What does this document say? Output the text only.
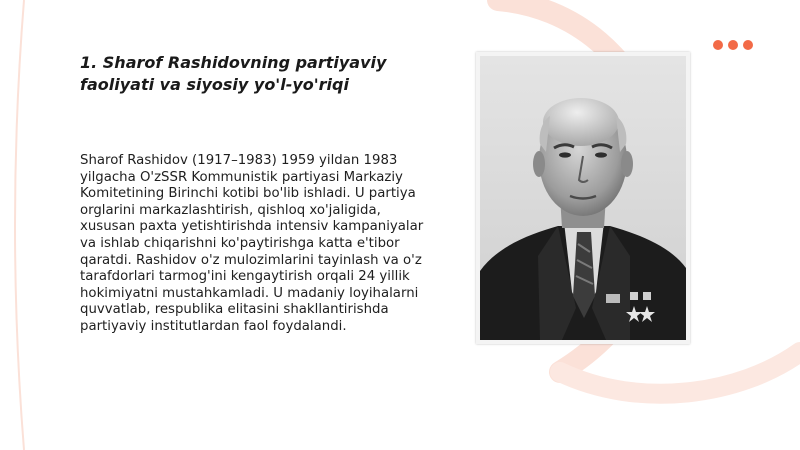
1. Sharof Rashidovning partiyaviy faoliyati va siyosiy yo'l-yo'riqi

Sharof Rashidov (1917–1983) 1959 yildan 1983 yilgacha O'zSSR Kommunistik partiyasi Markaziy Komitetining Birinchi kotibi bo'lib ishladi. U partiya orglarini markazlashtirish, qishloq xo'jaligida, xususan paxta yetishtirishda intensiv kampaniyalar va ishlab chiqarishni ko'paytirishga katta e'tibor qaratdi. Rashidov o'z mulozimlarini tayinlash va o'z tarafdorlari tarmog'ini kengaytirish orqali 24 yillik hokimiyatni mustahkamladi. U madaniy loyihalarni quvvatlab, respublika elitasini shakllantirishda partiyaviy institutlardan faol foydalandi.
